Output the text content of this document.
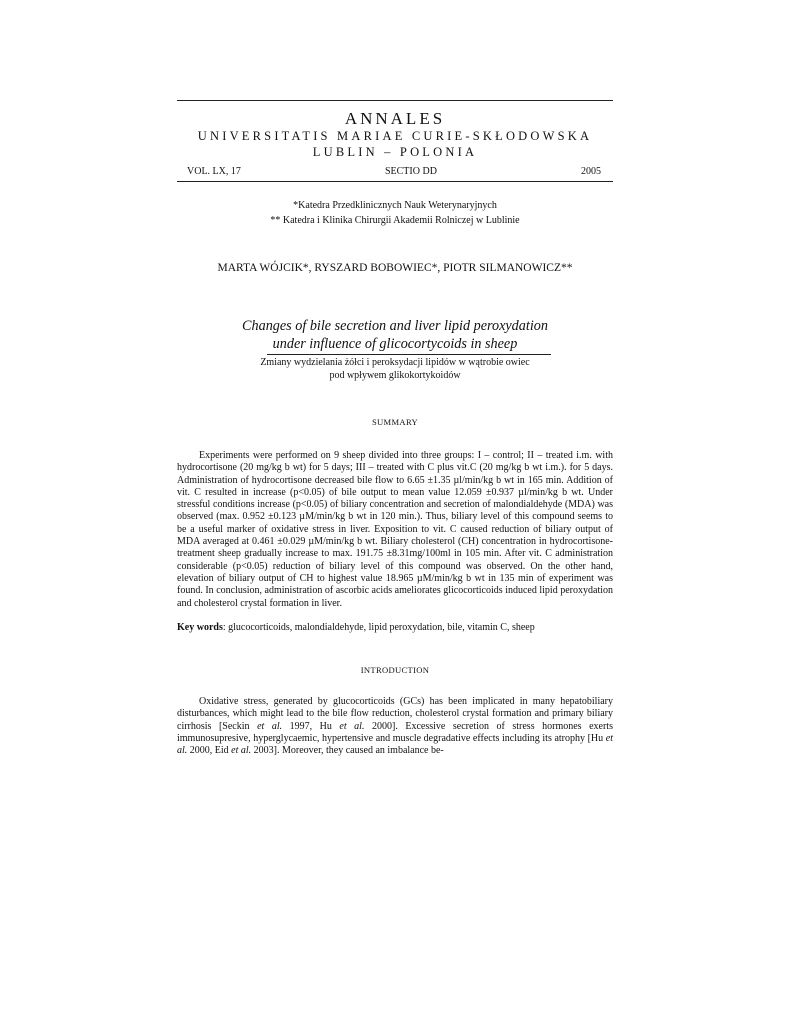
ANNALES
UNIVERSITATIS MARIAE CURIE-SKŁODOWSKA
LUBLIN – POLONIA
VOL. LX, 17	SECTIO DD	2005
*Katedra Przedklinicznych Nauk Weterynaryjnych
** Katedra i Klinika Chirurgii Akademii Rolniczej w Lublinie
MARTA WÓJCIK*, RYSZARD BOBOWIEC*, PIOTR SILMANOWICZ**
Changes of bile secretion and liver lipid peroxydation
under influence of glicocortycoids in sheep
Zmiany wydzielania żółci i peroksydacji lipidów w wątrobie owiec
pod wpływem glikokortykoidów
SUMMARY

Experiments were performed on 9 sheep divided into three groups: I – control; II – treated i.m. with hydrocortisone (20 mg/kg b wt) for 5 days; III – treated with C plus vit.C (20 mg/kg b wt i.m.). for 5 days. Administration of hydrocortisone decreased bile flow to 6.65 ±1.35 µl/min/kg b wt in 165 min. Addition of vit. C resulted in increase (p<0.05) of bile output to mean value 12.059 ±0.937 µl/min/kg b wt. Under stressful conditions increase (p<0.05) of biliary concentration and secretion of malondialdehyde (MDA) was observed (max. 0.952 ±0.123 µM/min/kg b wt in 120 min.). Thus, biliary level of this compound seems to be a useful marker of oxidative stress in liver. Exposition to vit. C caused reduction of biliary output of MDA averaged at 0.461 ±0.029 µM/min/kg b wt. Biliary cholesterol (CH) concentration in hydrocortisone-treatment sheep gradually increase to max. 191.75 ±8.31mg/100ml in 105 min. After vit. C administration considerable (p<0.05) reduction of biliary level of this compound was observed. On the other hand, elevation of biliary output of CH to highest value 18.965 µM/min/kg b wt in 135 min of experiment was found. In conclusion, administration of ascorbic acids ameliorates glicocorticoids induced lipid peroxydation and cholesterol crystal formation in liver.

Key words: glucocorticoids, malondialdehyde, lipid peroxydation, bile, vitamin C, sheep
INTRODUCTION

Oxidative stress, generated by glucocorticoids (GCs) has been implicated in many hepatobiliary disturbances, which might lead to the bile flow reduction, cholesterol crystal formation and primary biliary cirrhosis [Seckin et al. 1997, Hu et al. 2000]. Excessive secretion of stress hormones exerts immunosupresive, hyperglycaemic, hypertensive and muscle degradative effects including its atrophy [Hu et al. 2000, Eid et al. 2003]. Moreover, they caused an imbalance be-
